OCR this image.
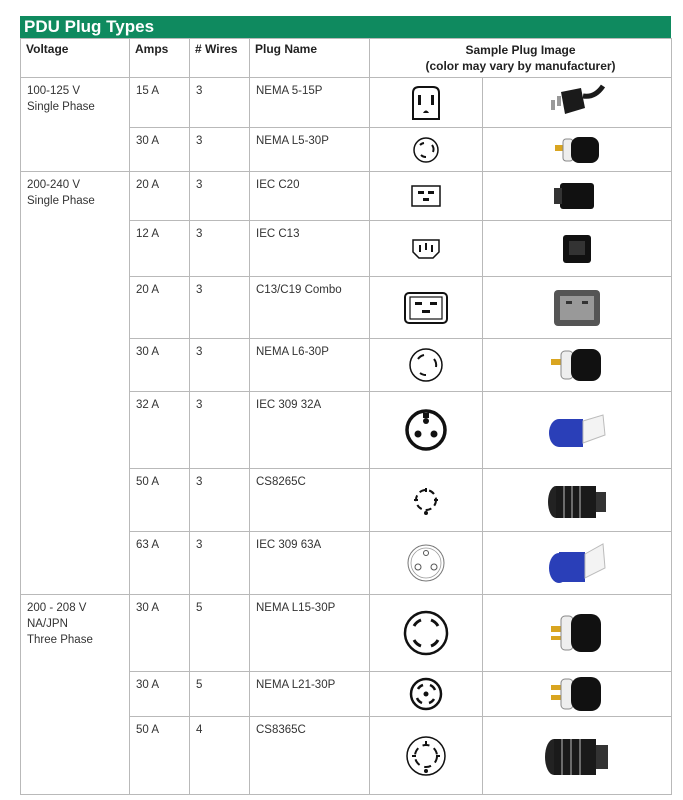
PDU Plug Types
Voltage	Amps	# Wires	Plug Name	Sample Plug Image
(color may vary by manufacturer)	

100-125 V
Single Phase	15 A	3	NEMA 5-15P	

	30 A	3	NEMA L5-30P	

200-240 V
Single Phase	20 A	3	IEC C20	

	12 A	3	IEC C13	

	20 A	3	C13/C19 Combo	

	30 A	3	NEMA L6-30P	

	32 A	3	IEC 309 32A	

	50 A	3	CS8265C	

	63 A	3	IEC 309 63A	

200 - 208 V
NA/JPN
Three Phase	30 A	5	NEMA L15-30P	

	30 A	5	NEMA L21-30P	

	50 A	4	CS8365C	
